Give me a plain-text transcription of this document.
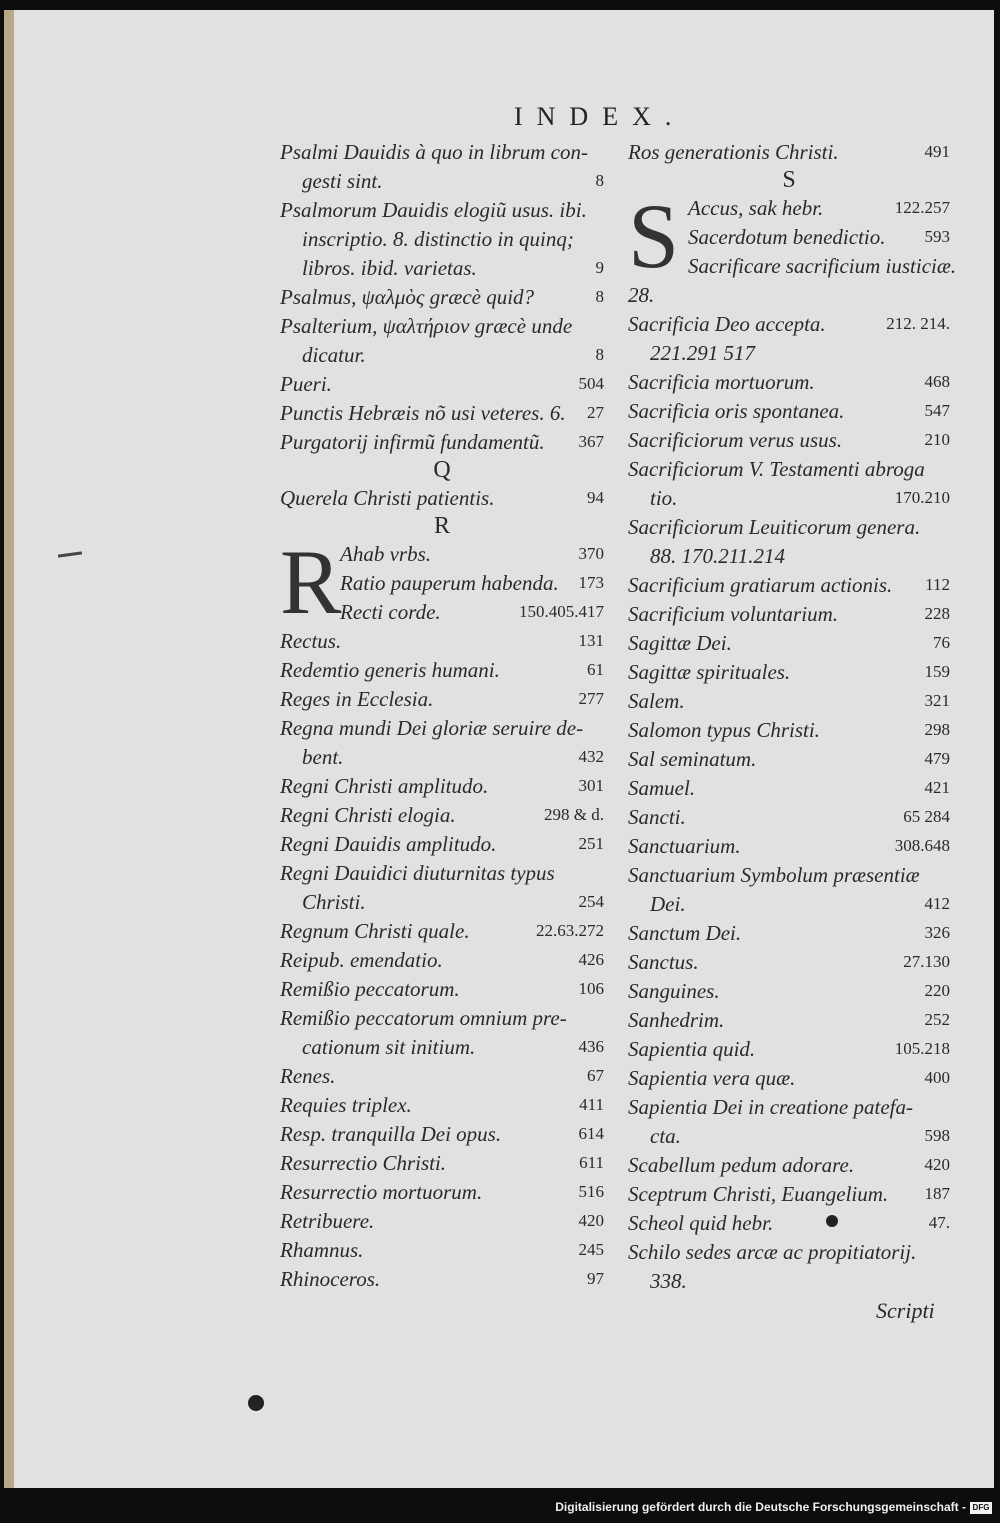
INDEX.
Psalmi Dauidis à quo in librum con-
gesti sint.	8
Psalmorum Dauidis elogiũ usus. ibi.
inscriptio. 8. distinctio in quinq;
libros. ibid. varietas.	9
Psalmus, ψαλμὸς græcè quid?	8
Psalterium, ψαλτήριον græcè unde
dicatur.	8
Pueri.	504
Punctis Hebræis nõ usi veteres. 6. 27
Purgatorij infirmũ fundamentũ. 367
Q
Querela Christi patientis.	94
R
Ahab vrbs.	370
Ratio pauperum habenda. 173
Recti corde.	150.405.417
Rectus.	131
Redemtio generis humani.	61
Reges in Ecclesia.	277
Regna mundi Dei gloriæ seruire de-
bent.	432
Regni Christi amplitudo.	301
Regni Christi elogia.	298 & d.
Regni Dauidis amplitudo.	251
Regni Dauidici diuturnitas typus
Christi.	254
Regnum Christi quale.	22.63.272
Reipub. emendatio.	426
Remißio peccatorum.	106
Remißio peccatorum omnium pre-
cationum sit initium.	436
Renes.	67
Requies triplex.	411
Resp. tranquilla Dei opus.	614
Resurrectio Christi.	611
Resurrectio mortuorum.	516
Retribuere.	420
Rhamnus.	245
Rhinoceros.	97
R
Ros generationis Christi.	491
S
Accus, sak hebr.	122.257
Sacerdotum benedictio. 593
Sacrificare sacrificium iusticiæ.
28.
Sacrificia Deo accepta.	212. 214.
221.291 517
Sacrificia mortuorum.	468
Sacrificia oris spontanea.	547
Sacrificiorum verus usus.	210
Sacrificiorum V. Testamenti abroga
tio.	170.210
Sacrificiorum Leuiticorum genera.
88. 170.211.214
Sacrificium gratiarum actionis. 112
Sacrificium voluntarium.	228
Sagittæ Dei.	76
Sagittæ spirituales.	159
Salem.	321
Salomon typus Christi.	298
Sal seminatum.	479
Samuel.	421
Sancti.	65 284
Sanctuarium.	308.648
Sanctuarium Symbolum præsentiæ
Dei.	412
Sanctum Dei.	326
Sanctus.	27.130
Sanguines.	220
Sanhedrim.	252
Sapientia quid.	105.218
Sapientia vera quæ.	400
Sapientia Dei in creatione patefa-
cta.	598
Scabellum pedum adorare.	420
Sceptrum Christi, Euangelium. 187
Scheol quid hebr.	47.
Schilo sedes arcæ ac propitiatorij.
338.
S
Scripti
Digitalisierung gefördert durch die Deutsche Forschungsgemeinschaft - DFG
